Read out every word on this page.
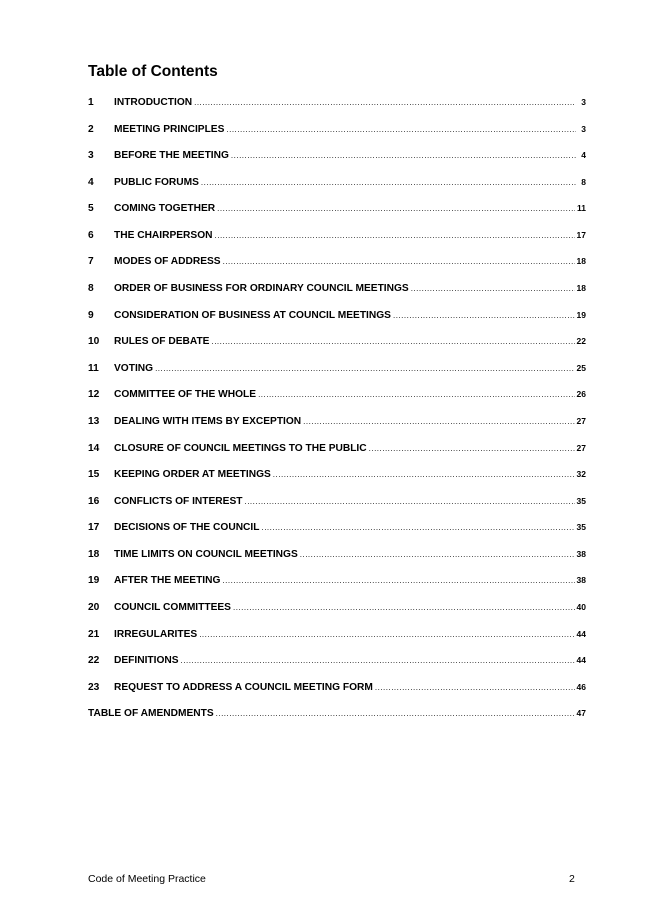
Table of Contents
1	INTRODUCTION .....	3
2	MEETING PRINCIPLES .....	3
3	BEFORE THE MEETING .....	4
4	PUBLIC FORUMS .....	8
5	COMING TOGETHER .....	11
6	THE CHAIRPERSON .....	17
7	MODES OF ADDRESS .....	18
8	ORDER OF BUSINESS FOR ORDINARY COUNCIL MEETINGS .....	18
9	CONSIDERATION OF BUSINESS AT COUNCIL MEETINGS .....	19
10	RULES OF DEBATE .....	22
11	VOTING .....	25
12	COMMITTEE OF THE WHOLE .....	26
13	DEALING WITH ITEMS BY EXCEPTION .....	27
14	CLOSURE OF COUNCIL MEETINGS TO THE PUBLIC .....	27
15	KEEPING ORDER AT MEETINGS .....	32
16	CONFLICTS OF INTEREST .....	35
17	DECISIONS OF THE COUNCIL .....	35
18	TIME LIMITS ON COUNCIL MEETINGS .....	38
19	AFTER THE MEETING .....	38
20	COUNCIL COMMITTEES .....	40
21	IRREGULARITES .....	44
22	DEFINITIONS .....	44
23	REQUEST TO ADDRESS A COUNCIL MEETING FORM .....	46
TABLE OF AMENDMENTS .....	47
Code of Meeting Practice	2
